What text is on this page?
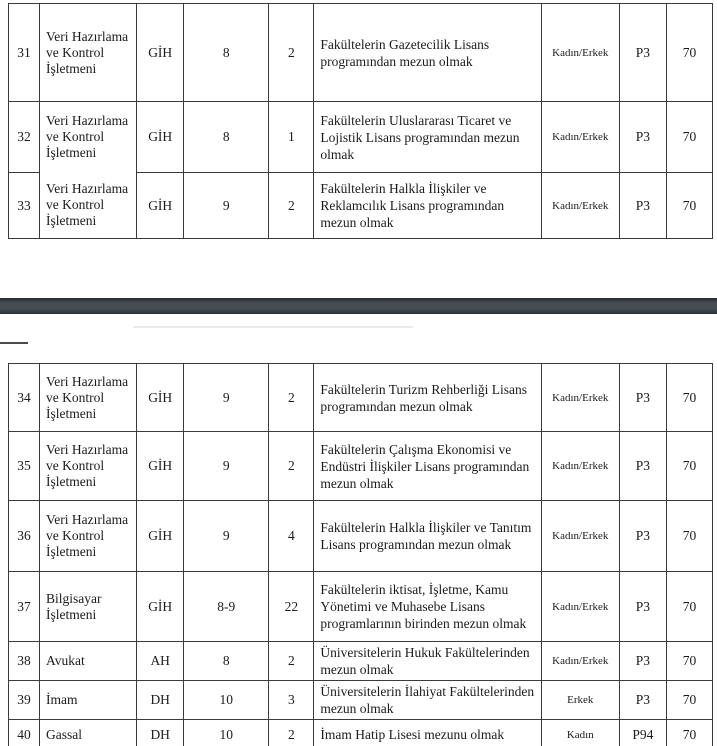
31	Veri Hazırlama ve Kontrol İşletmeni	GİH	8	2	Fakültelerin Gazetecilik Lisans programından mezun olmak	Kadın/Erkek	P3	70
32	Veri Hazırlama ve Kontrol İşletmeni	GİH	8	1	Fakültelerin Uluslararası Ticaret ve Lojistik Lisans programından mezun olmak	Kadın/Erkek	P3	70
33	Veri Hazırlama ve Kontrol İşletmeni	GİH	9	2	Fakültelerin Halkla İlişkiler ve Reklamcılık Lisans programından mezun olmak	Kadın/Erkek	P3	70
34	Veri Hazırlama ve Kontrol İşletmeni	GİH	9	2	Fakültelerin Turizm Rehberliği Lisans programından mezun olmak	Kadın/Erkek	P3	70
35	Veri Hazırlama ve Kontrol İşletmeni	GİH	9	2	Fakültelerin Çalışma Ekonomisi ve Endüstri İlişkiler Lisans programından mezun olmak	Kadın/Erkek	P3	70
36	Veri Hazırlama ve Kontrol İşletmeni	GİH	9	4	Fakültelerin Halkla İlişkiler ve Tanıtım Lisans programından mezun olmak	Kadın/Erkek	P3	70
37	Bilgisayar İşletmeni	GİH	8-9	22	Fakültelerin iktisat, İşletme, Kamu Yönetimi ve Muhasebe Lisans programlarının birinden mezun olmak	Kadın/Erkek	P3	70
38	Avukat	AH	8	2	Üniversitelerin Hukuk Fakültelerinden mezun olmak	Kadın/Erkek	P3	70
39	İmam	DH	10	3	Üniversitelerin İlahiyat Fakültelerinden mezun olmak	Erkek	P3	70
40	Gassal	DH	10	2	İmam Hatip Lisesi mezunu olmak	Kadın	P94	70
